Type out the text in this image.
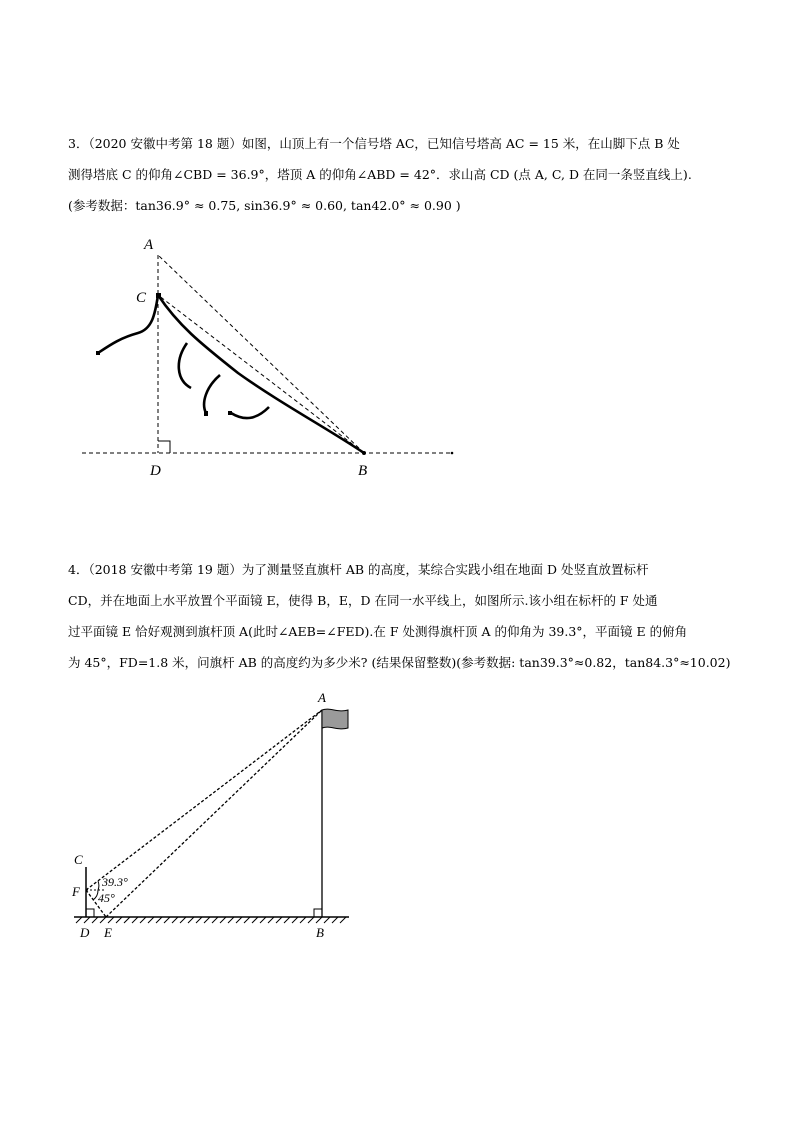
3．（2020 安徽中考第 18 题）如图，山顶上有一个信号塔 AC，已知信号塔高 AC = 15 米，在山脚下点 B 处
测得塔底 C 的仰角∠CBD = 36.9°，塔顶 A 的仰角∠ABD = 42°．求山高 CD (点 A, C, D 在同一条竖直线上).
(参考数据：tan36.9° ≈ 0.75, sin36.9° ≈ 0.60, tan42.0° ≈ 0.90 )
A
C
D	B
4．（2018 安徽中考第 19 题）为了测量竖直旗杆 AB 的高度，某综合实践小组在地面 D 处竖直放置标杆
CD，并在地面上水平放置个平面镜 E，使得 B，E，D 在同一水平线上，如图所示.该小组在标杆的 F 处通
过平面镜 E 恰好观测到旗杆顶 A(此时∠AEB=∠FED).在 F 处测得旗杆顶 A 的仰角为 39.3°，平面镜 E 的俯角
为 45°，FD=1.8 米，问旗杆 AB 的高度约为多少米? (结果保留整数)(参考数据: tan39.3°≈0.82，tan84.3°≈10.02)
A
C
F
D E	B
39.3°
45°
